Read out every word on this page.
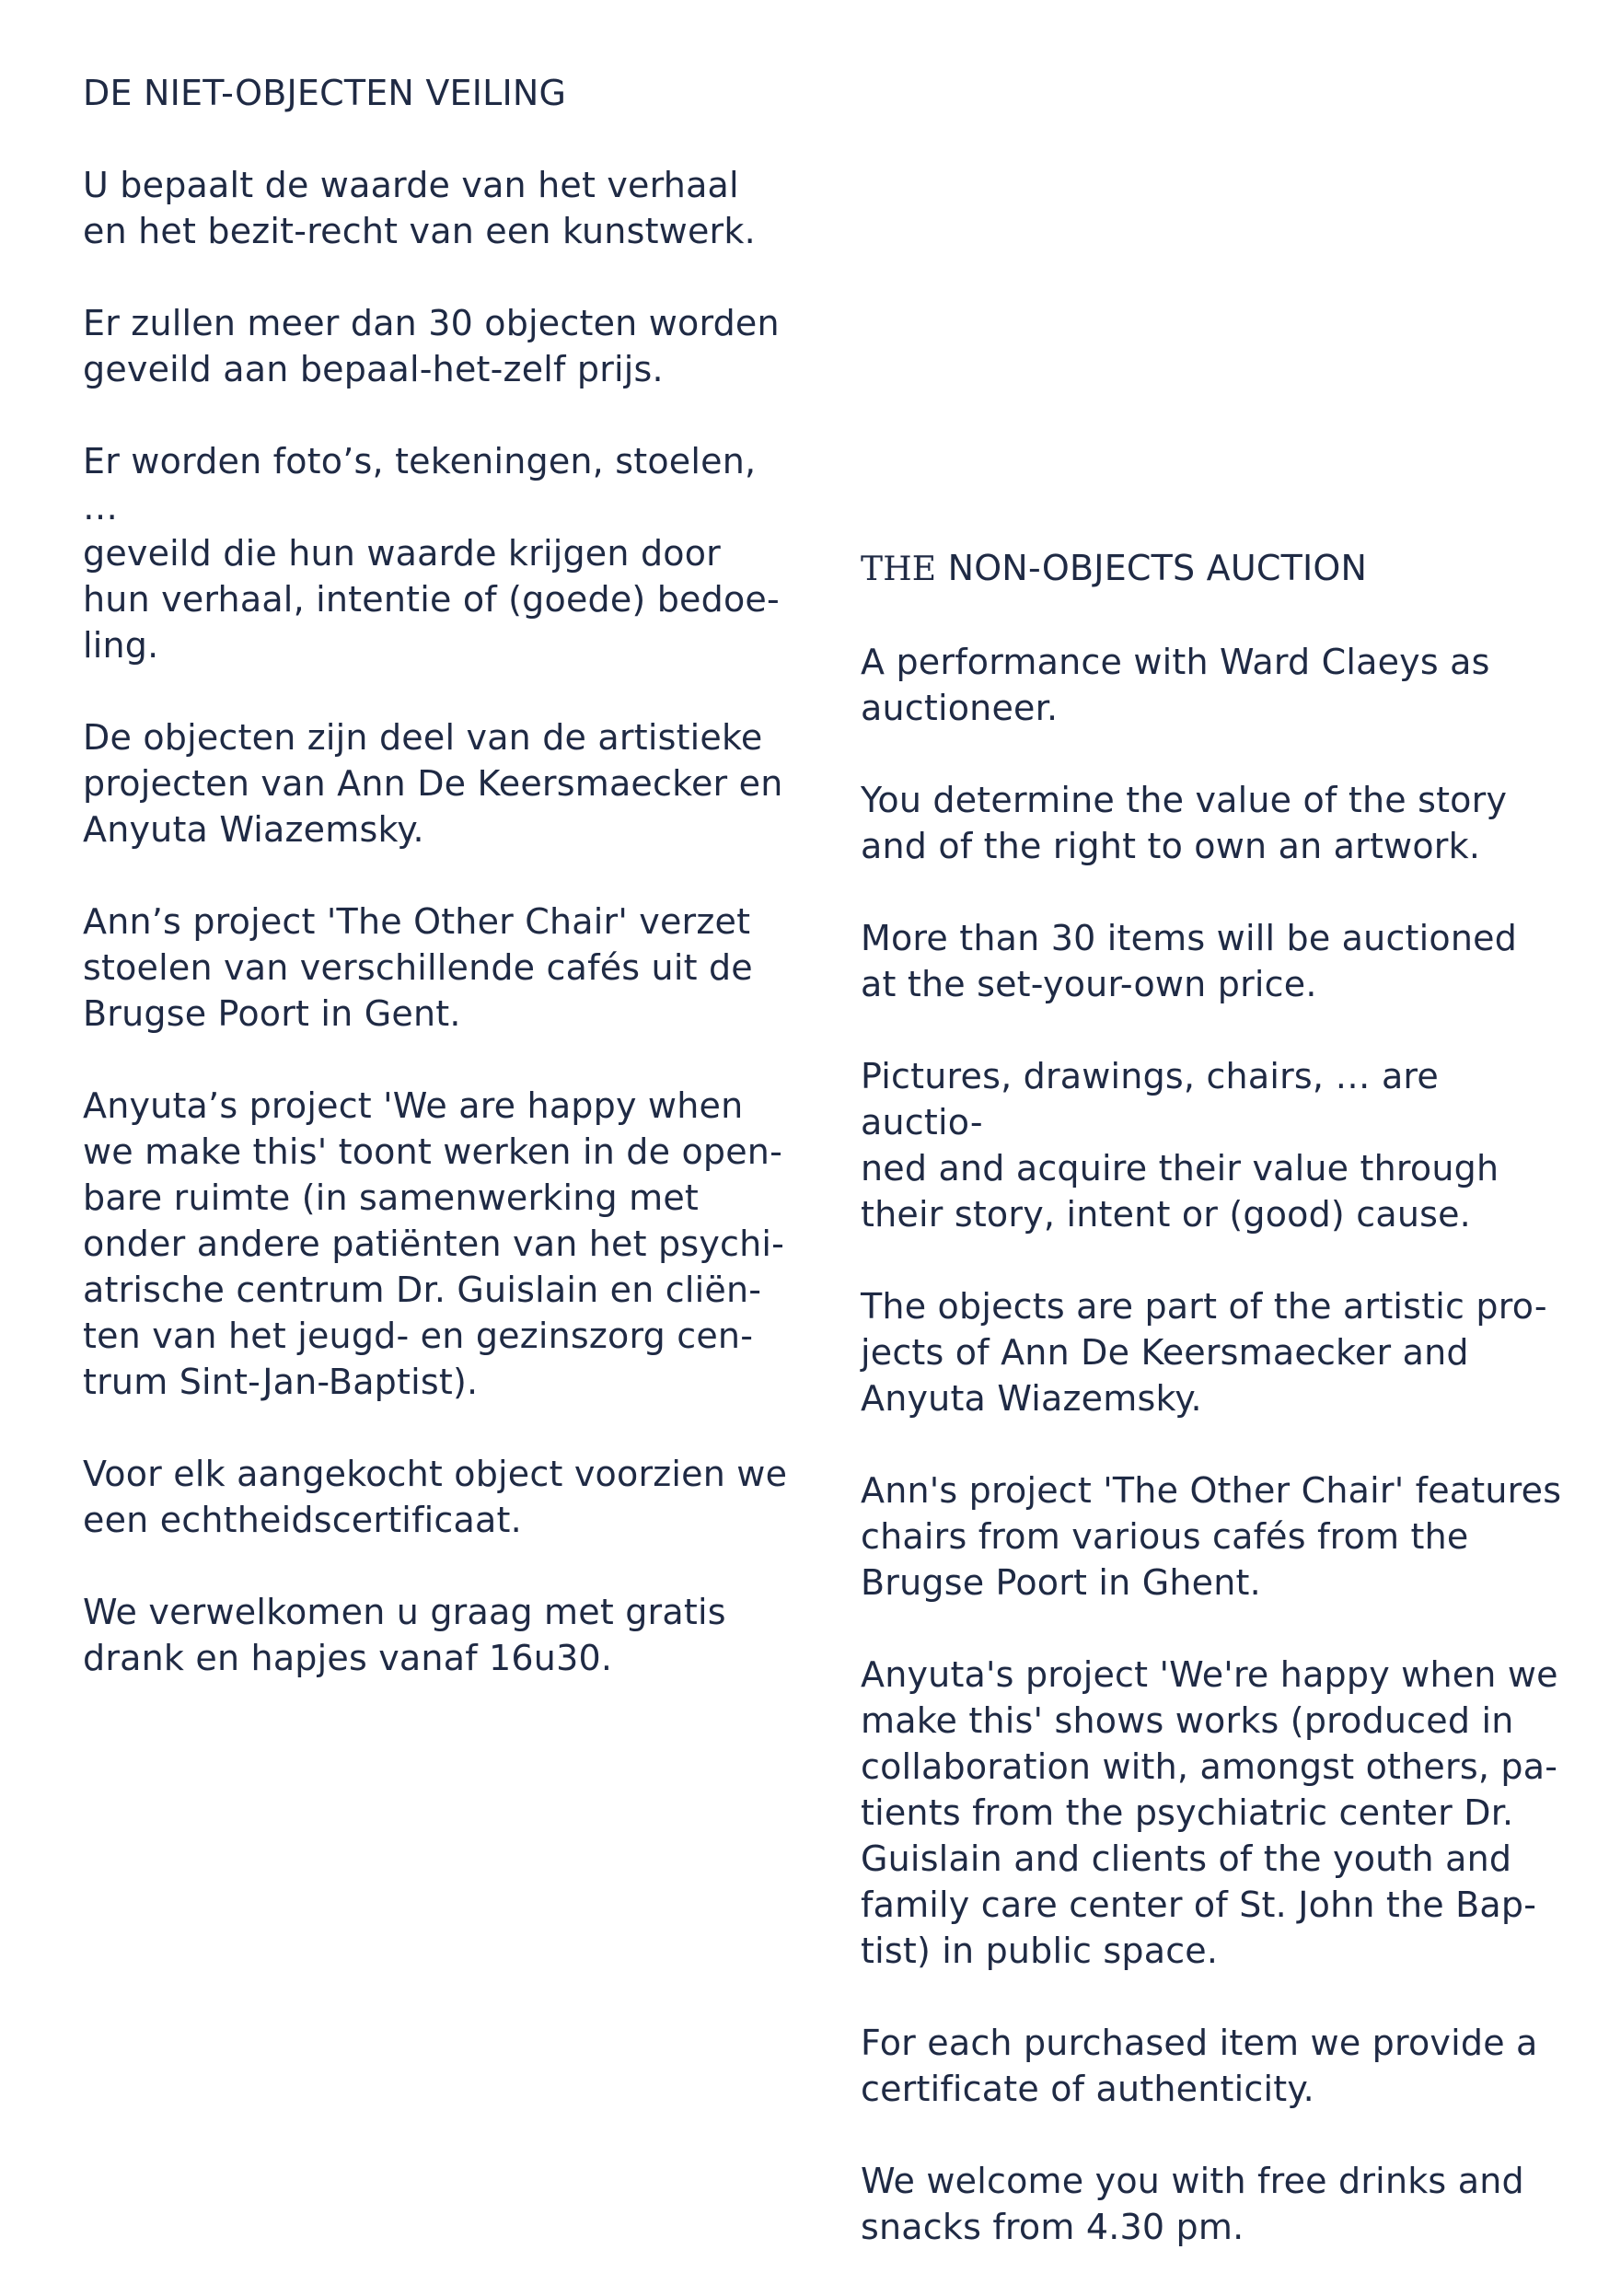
DE NIET-OBJECTEN VEILING

U bepaalt de waarde van het verhaal
en het bezit-recht van een kunstwerk.

Er zullen meer dan 30 objecten worden
geveild aan bepaal-het-zelf prijs.

Er worden foto’s, tekeningen, stoelen, …
geveild die hun waarde krijgen door
hun verhaal, intentie of (goede) bedoe-
ling.

De objecten zijn deel van de artistieke
projecten van Ann De Keersmaecker en
Anyuta Wiazemsky.

Ann’s project 'The Other Chair' verzet
stoelen van verschillende cafés uit de
Brugse Poort in Gent.

Anyuta’s project 'We are happy when
we make this' toont werken in de open-
bare ruimte (in samenwerking met
onder andere patiënten van het psychi-
atrische centrum Dr. Guislain en cliën-
ten van het jeugd- en gezinszorg cen-
trum Sint-Jan-Baptist).

Voor elk aangekocht object voorzien we
een echtheidscertificaat.

We verwelkomen u graag met gratis
drank en hapjes vanaf 16u30.

THE NON-OBJECTS AUCTION

A performance with Ward Claeys as
auctioneer.

You determine the value of the story
and of the right to own an artwork.

More than 30 items will be auctioned
at the set-your-own price.

Pictures, drawings, chairs, … are auctio-
ned and acquire their value through
their story, intent or (good) cause.

The objects are part of the artistic pro-
jects of Ann De Keersmaecker and
Anyuta Wiazemsky.

Ann's project 'The Other Chair' features
chairs from various cafés from the
Brugse Poort in Ghent.

Anyuta's project 'We're happy when we
make this' shows works (produced in
collaboration with, amongst others, pa-
tients from the psychiatric center Dr.
Guislain and clients of the youth and
family care center of St. John the Bap-
tist) in public space.

For each purchased item we provide a
certificate of authenticity.

We welcome you with free drinks and
snacks from 4.30 pm.
